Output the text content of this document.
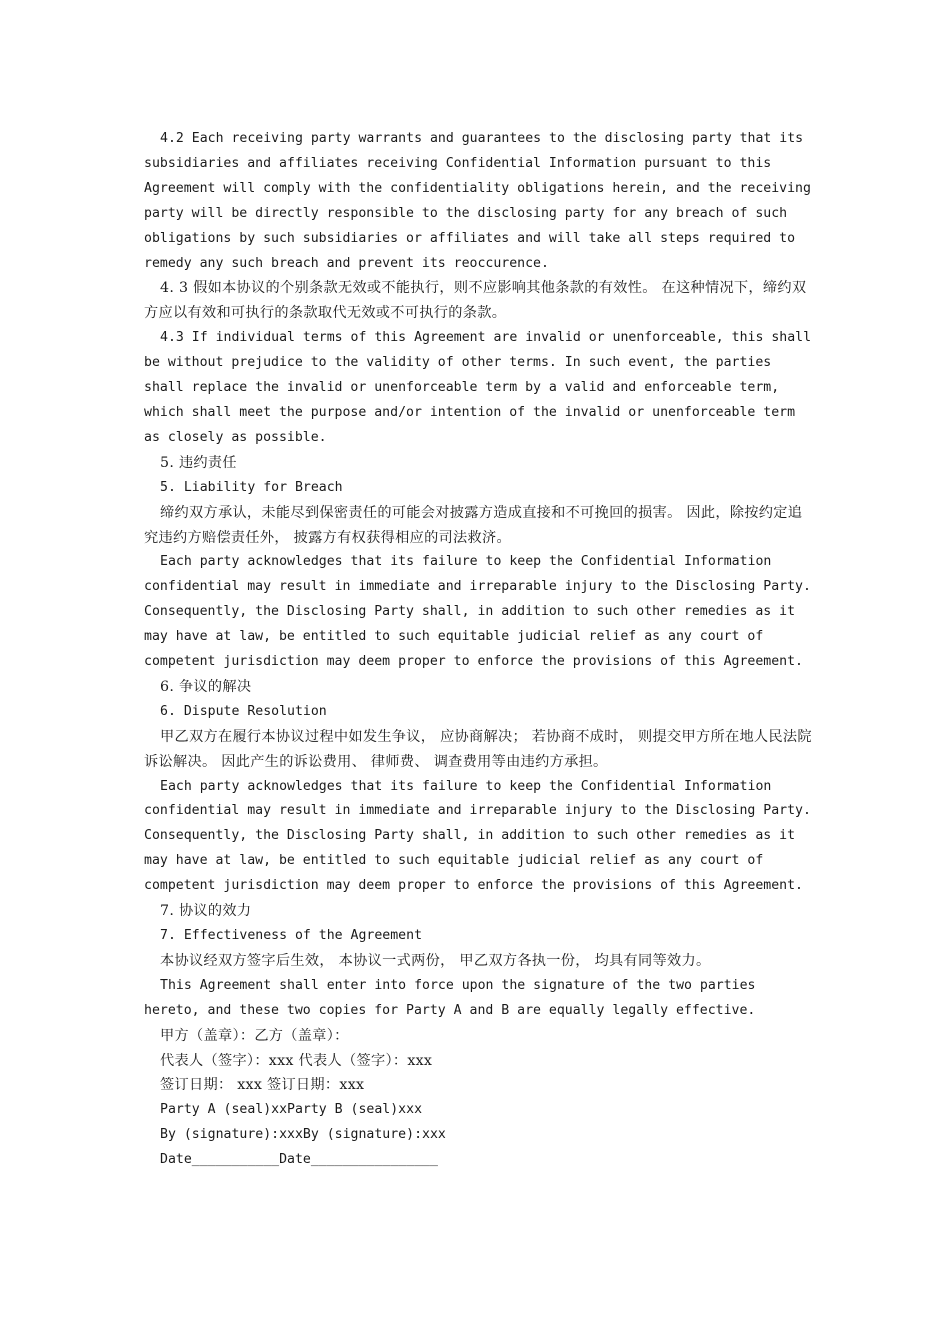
4.2 Each receiving party warrants and guarantees to the disclosing party that its subsidiaries and affiliates receiving Confidential Information pursuant to this Agreement will comply with the confidentiality obligations herein, and the receiving party will be directly responsible to the disclosing party for any breach of such obligations by such subsidiaries or affiliates and will take all steps required to remedy any such breach and prevent its reoccurence.

4. 3 假如本协议的个别条款无效或不能执行，则不应影响其他条款的有效性。 在这种情况下，缔约双方应以有效和可执行的条款取代无效或不可执行的条款。

4.3 If individual terms of this Agreement are invalid or unenforceable, this shall be without prejudice to the validity of other terms. In such event, the parties shall replace the invalid or unenforceable term by a valid and enforceable term, which shall meet the purpose and/or intention of the invalid or unenforceable term as closely as possible.

5. 违约责任

5. Liability for Breach

缔约双方承认，未能尽到保密责任的可能会对披露方造成直接和不可挽回的损害。 因此，除按约定追究违约方赔偿责任外， 披露方有权获得相应的司法救济。

Each party acknowledges that its failure to keep the Confidential Information confidential may result in immediate and irreparable injury to the Disclosing Party. Consequently, the Disclosing Party shall, in addition to such other remedies as it may have at law, be entitled to such equitable judicial relief as any court of competent jurisdiction may deem proper to enforce the provisions of this Agreement.

6. 争议的解决

6. Dispute Resolution

甲乙双方在履行本协议过程中如发生争议， 应协商解决； 若协商不成时， 则提交甲方所在地人民法院诉讼解决。 因此产生的诉讼费用、 律师费、 调查费用等由违约方承担。

Each party acknowledges that its failure to keep the Confidential Information confidential may result in immediate and irreparable injury to the Disclosing Party. Consequently, the Disclosing Party shall, in addition to such other remedies as it may have at law, be entitled to such equitable judicial relief as any court of competent jurisdiction may deem proper to enforce the provisions of this Agreement.

7. 协议的效力

7. Effectiveness of the Agreement

本协议经双方签字后生效， 本协议一式两份， 甲乙双方各执一份， 均具有同等效力。

This Agreement shall enter into force upon the signature of the two parties hereto, and these two copies for Party A and B are equally legally effective.

甲方（盖章）：乙方（盖章）：

代表人（签字）：xxx 代表人（签字）：xxx

签订日期： xxx 签订日期：xxx

Party A (seal)xxParty B (seal)xxx

By (signature):xxxBy (signature):xxx

Date___________Date________________
